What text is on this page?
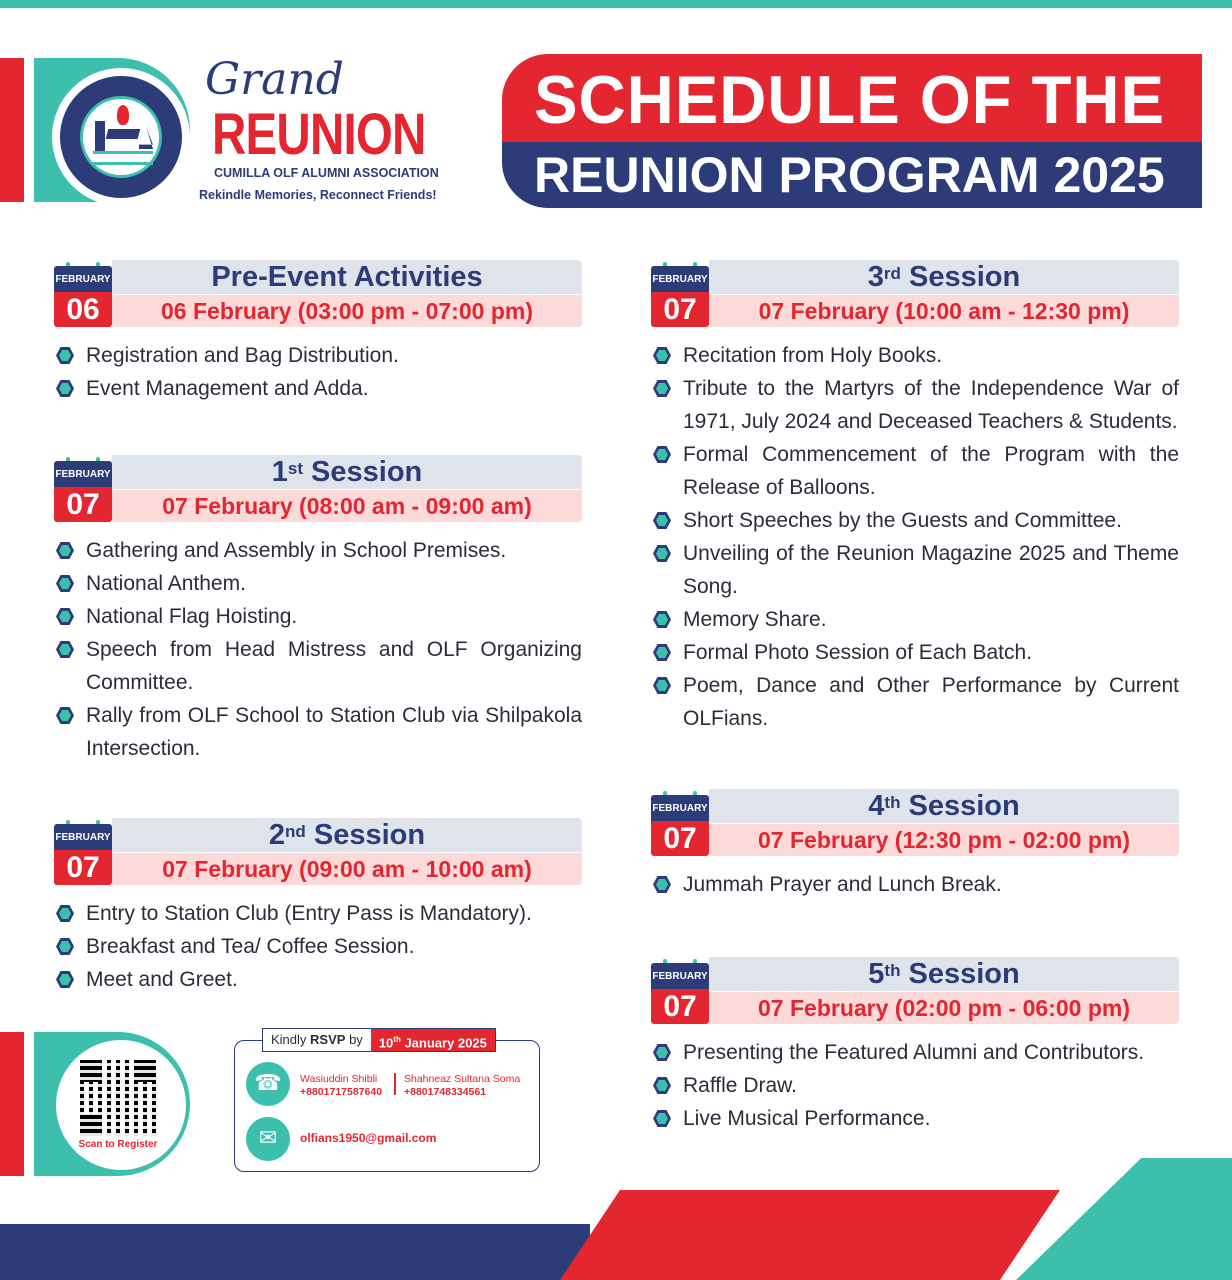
Grand
REUNION
CUMILLA OLF ALUMNI ASSOCIATION
Rekindle Memories, Reconnect Friends!
SCHEDULE OF THE
REUNION PROGRAM 2025
FEBRUARY
06
Pre-Event Activities
06 February (03:00 pm - 07:00 pm)
Registration and Bag Distribution.
Event Management and Adda.
FEBRUARY
07
1st Session
07 February (08:00 am - 09:00 am)
Gathering and Assembly in School Premises.
National Anthem.
National Flag Hoisting.
Speech from Head Mistress and OLF Organizing Committee.
Rally from OLF School to Station Club via Shilpakola Intersection.
FEBRUARY
07
2nd Session
07 February (09:00 am - 10:00 am)
Entry to Station Club (Entry Pass is Mandatory).
Breakfast and Tea/ Coffee Session.
Meet and Greet.
FEBRUARY
07
3rd Session
07 February (10:00 am - 12:30 pm)
Recitation from Holy Books.
Tribute to the Martyrs of the Independence War of 1971, July 2024 and Deceased Teachers & Students.
Formal Commencement of the Program with the Release of Balloons.
Short Speeches by the Guests and Committee.
Unveiling of the Reunion Magazine 2025 and Theme Song.
Memory Share.
Formal Photo Session of Each Batch.
Poem, Dance and Other Performance by Current OLFians.
FEBRUARY
07
4th Session
07 February (12:30 pm - 02:00 pm)
Jummah Prayer and Lunch Break.
FEBRUARY
07
5th Session
07 February (02:00 pm - 06:00 pm)
Presenting the Featured Alumni and Contributors.
Raffle Draw.
Live Musical Performance.
Scan to Register
Kindly RSVP by	10th January 2025
☎	Wasiuddin Shibli
+8801717587640
Shahneaz Sultana Soma
+8801748334561
✉	olfians1950@gmail.com
